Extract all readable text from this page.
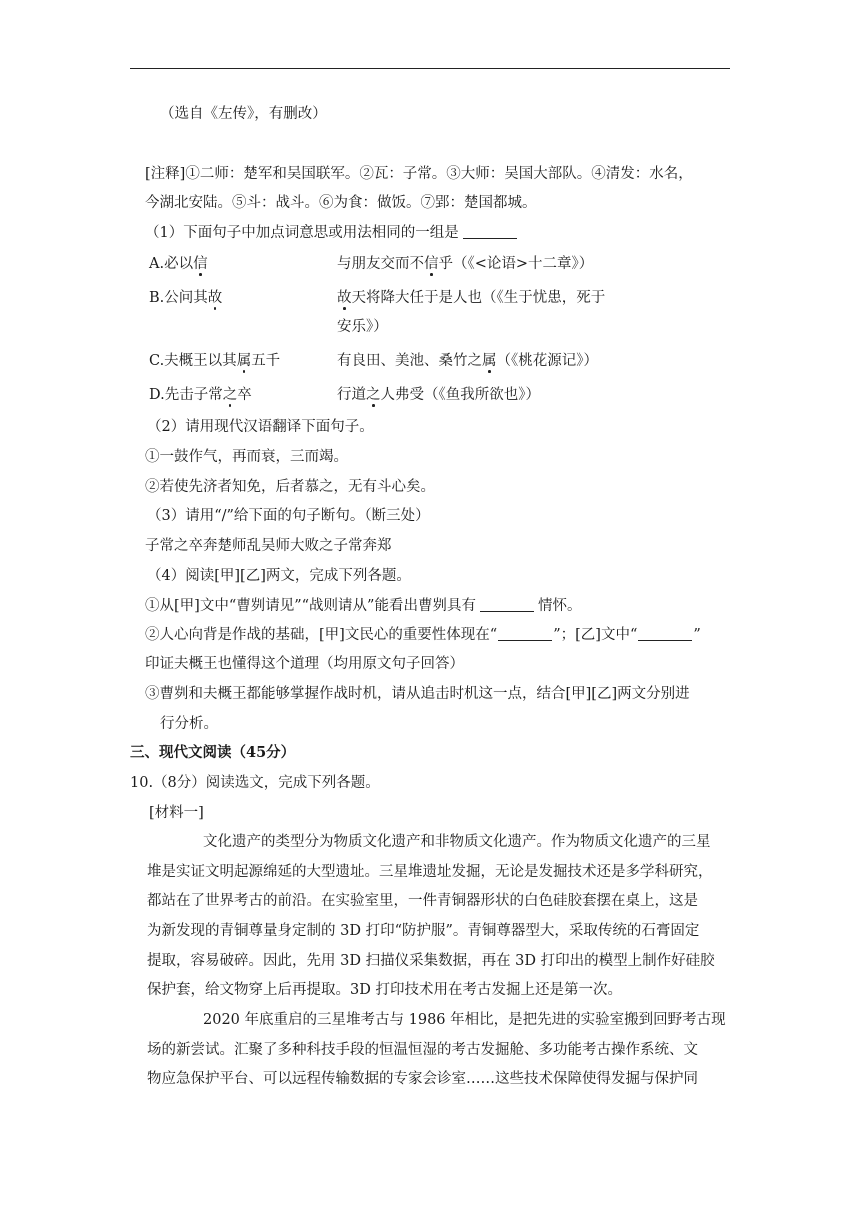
（选自《左传》，有删改）
[注释]①二师：楚军和吴国联军。②瓦：子常。③大师：吴国大部队。④清发：水名，
今湖北安陆。⑤斗：战斗。⑥为食：做饭。⑦郢：楚国都城。
（1）下面句子中加点词意思或用法相同的一组是
A.必以信	与朋友交而不信乎（《<论语>十二章》）
B.公问其故	故天将降大任于是人也（《生于忧患，死于
安乐》）
C.夫概王以其属五千	有良田、美池、桑竹之属（《桃花源记》）
D.先击子常之卒	行道之人弗受（《鱼我所欲也》）
（2）请用现代汉语翻译下面句子。
①一鼓作气，再而衰，三而竭。
②若使先济者知免，后者慕之，无有斗心矣。
（3）请用“/”给下面的句子断句。（断三处）
子常之卒奔楚师乱吴师大败之子常奔郑
（4）阅读[甲][乙]两文，完成下列各题。
①从[甲]文中“曹刿请见”“战则请从”能看出曹刿具有	情怀。
②人心向背是作战的基础，[甲]文民心的重要性体现在“	”；[乙]文中“	”
印证夫概王也懂得这个道理（均用原文句子回答）
③曹刿和夫概王都能够掌握作战时机，请从追击时机这一点，结合[甲][乙]两文分别进
行分析。
三、现代文阅读（45分）
10.（8分）阅读选文，完成下列各题。
[材料一]
文化遗产的类型分为物质文化遗产和非物质文化遗产。作为物质文化遗产的三星
堆是实证文明起源绵延的大型遗址。三星堆遗址发掘，无论是发掘技术还是多学科研究，
都站在了世界考古的前沿。在实验室里，一件青铜器形状的白色硅胶套摆在桌上，这是
为新发现的青铜尊量身定制的 3D 打印“防护服”。青铜尊器型大，采取传统的石膏固定
提取，容易破碎。因此，先用 3D 扫描仪采集数据，再在 3D 打印出的模型上制作好硅胶
保护套，给文物穿上后再提取。3D 打印技术用在考古发掘上还是第一次。
2020 年底重启的三星堆考古与 1986 年相比，是把先进的实验室搬到回野考古现
场的新尝试。汇聚了多种科技手段的恒温恒湿的考古发掘舱、多功能考古操作系统、文
物应急保护平台、可以远程传输数据的专家会诊室……这些技术保障使得发掘与保护同
